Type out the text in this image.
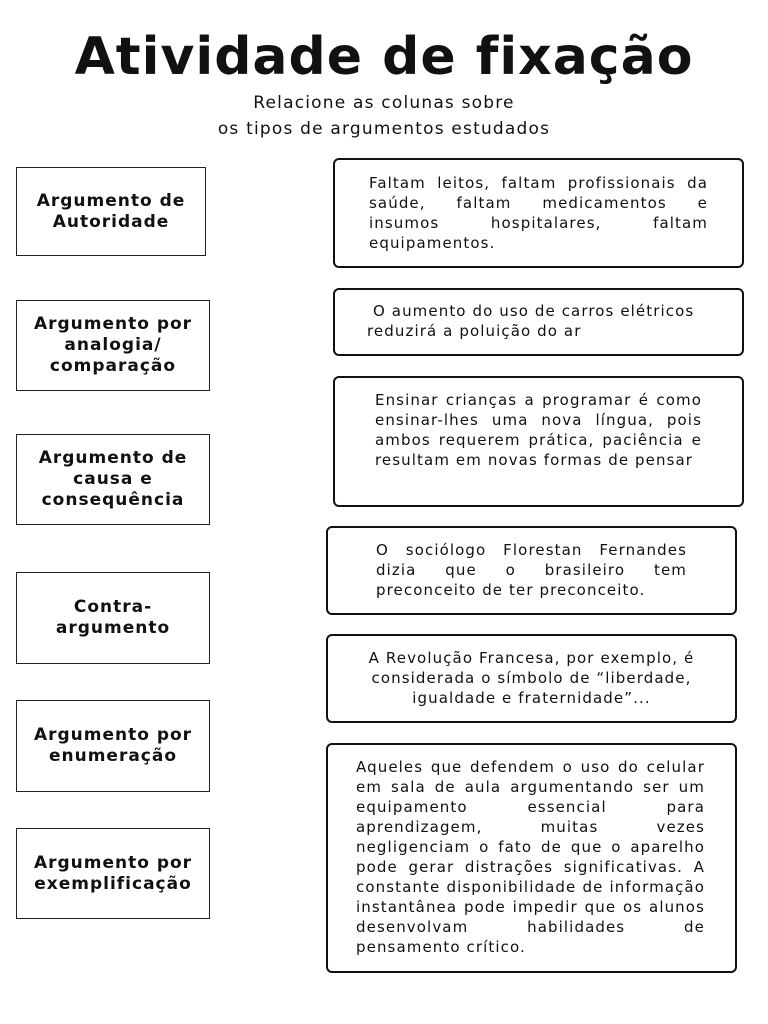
Atividade de fixação

Relacione as colunas sobre

os tipos de argumentos estudados

Argumento de Autoridade
Argumento por analogia/ comparação
Argumento de causa e consequência
Contra-argumento
Argumento por enumeração
Argumento por exemplificação

Faltam leitos, faltam profissionais da saúde, faltam medicamentos e insumos hospitalares, faltam equipamentos.

O aumento do uso de carros elétricos reduzirá a poluição do ar

Ensinar crianças a programar é como ensinar-lhes uma nova língua, pois ambos requerem prática, paciência e resultam em novas formas de pensar

O sociólogo Florestan Fernandes dizia que o brasileiro tem preconceito de ter preconceito.

A Revolução Francesa, por exemplo, é considerada o símbolo de “liberdade, igualdade e fraternidade”...

Aqueles que defendem o uso do celular em sala de aula argumentando ser um equipamento essencial para aprendizagem, muitas vezes negligenciam o fato de que o aparelho pode gerar distrações significativas. A constante disponibilidade de informação instantânea pode impedir que os alunos desenvolvam habilidades de pensamento crítico.
